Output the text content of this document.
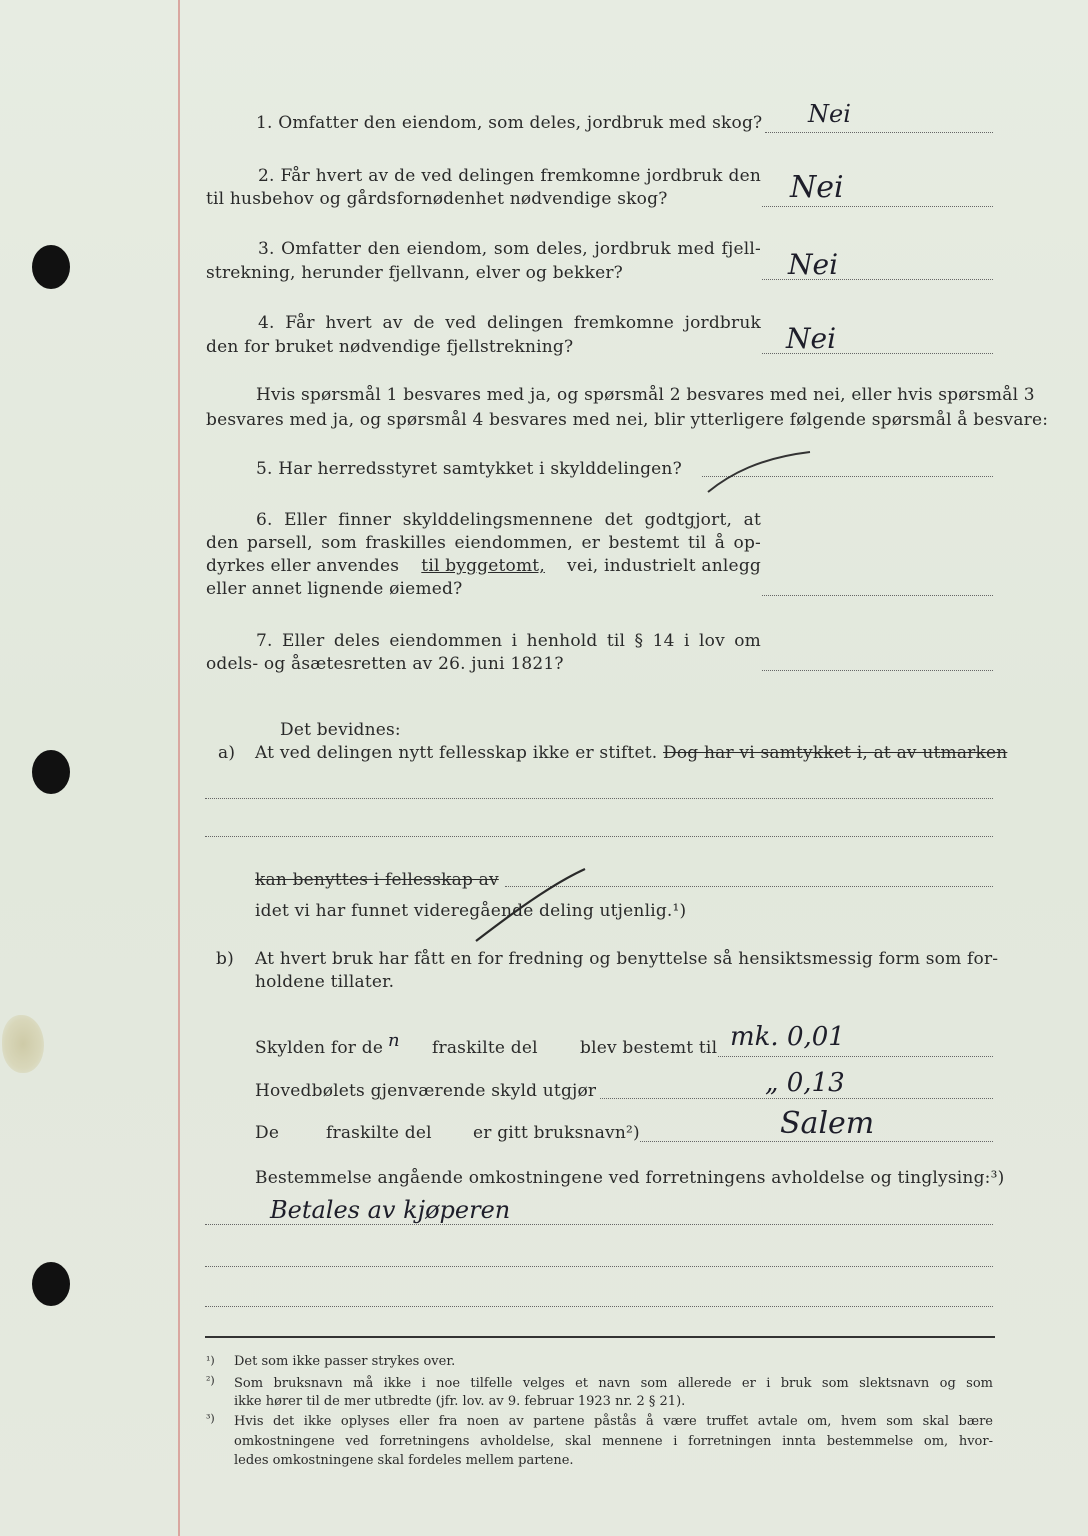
1. Omfatter den eiendom, som deles, jordbruk med skog? Nei
2. Får hvert av de ved delingen fremkomne jordbruk den
til husbehov og gårdsfornødenhet nødvendige skog?	Nei
3. Omfatter den eiendom, som deles, jordbruk med fjell-
strekning, herunder fjellvann, elver og bekker?	Nei
4. Får hvert av de ved delingen fremkomne jordbruk
den for bruket nødvendige fjellstrekning?	Nei
Hvis spørsmål 1 besvares med ja, og spørsmål 2 besvares med nei, eller hvis spørsmål 3
besvares med ja, og spørsmål 4 besvares med nei, blir ytterligere følgende spørsmål å besvare:
5. Har herredsstyret samtykket i skylddelingen?
6. Eller finner skylddelingsmennene det godtgjort, at
den parsell, som fraskilles eiendommen, er bestemt til å op-
dyrkes eller anvendes til byggetomt, vei, industrielt anlegg
eller annet lignende øiemed?
7. Eller deles eiendommen i henhold til § 14 i lov om
odels- og åsætesretten av 26. juni 1821?
Det bevidnes:
a) At ved delingen nytt fellesskap ikke er stiftet. Dog har vi samtykket i, at av utmarken
kan benyttes i fellesskap av
idet vi har funnet videregående deling utjenlig.¹)
b) At hvert bruk har fått en for fredning og benyttelse så hensiktsmessig form som for-
holdene tillater.
Skylden for de n fraskilte del blev bestemt til mk. 0,01
Hovedbølets gjenværende skyld utgjør	„ 0,13
De	fraskilte del er gitt bruksnavn²)	Salem
Bestemmelse angående omkostningene ved forretningens avholdelse og tinglysing:³)
Betales av kjøperen
¹) Det som ikke passer strykes over.
²) Som bruksnavn må ikke i noe tilfelle velges et navn som allerede er i bruk som slektsnavn og som
ikke hører til de mer utbredte (jfr. lov. av 9. februar 1923 nr. 2 § 21).
³) Hvis det ikke oplyses eller fra noen av partene påstås å være truffet avtale om, hvem som skal bære
omkostningene ved forretningens avholdelse, skal mennene i forretningen innta bestemmelse om, hvor-
ledes omkostningene skal fordeles mellem partene.
